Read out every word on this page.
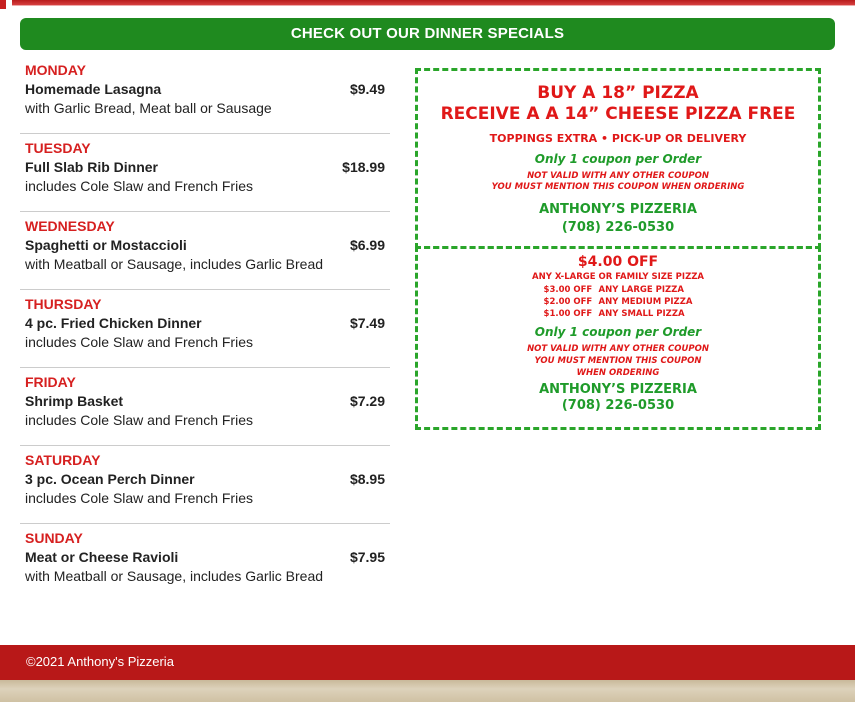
CHECK OUT OUR DINNER SPECIALS
MONDAY
Homemade Lasagna	$9.49
with Garlic Bread, Meat ball or Sausage
TUESDAY
Full Slab Rib Dinner	$18.99
includes Cole Slaw and French Fries
WEDNESDAY
Spaghetti or Mostaccioli	$6.99
with Meatball or Sausage, includes Garlic Bread
THURSDAY
4 pc. Fried Chicken Dinner	$7.49
includes Cole Slaw and French Fries
FRIDAY
Shrimp Basket	$7.29
includes Cole Slaw and French Fries
SATURDAY
3 pc. Ocean Perch Dinner	$8.95
includes Cole Slaw and French Fries
SUNDAY
Meat or Cheese Ravioli	$7.95
with Meatball or Sausage, includes Garlic Bread
BUY A 18” PIZZA
RECEIVE A A 14” CHEESE PIZZA FREE
TOPPINGS EXTRA • PICK-UP OR DELIVERY
Only 1 coupon per Order
NOT VALID WITH ANY OTHER COUPON
YOU MUST MENTION THIS COUPON WHEN ORDERING
ANTHONY’S PIZZERIA
(708) 226-0530
$4.00 OFF
ANY X-LARGE OR FAMILY SIZE PIZZA
$3.00 OFF ANY LARGE PIZZA
$2.00 OFF ANY MEDIUM PIZZA
$1.00 OFF ANY SMALL PIZZA
Only 1 coupon per Order
NOT VALID WITH ANY OTHER COUPON
YOU MUST MENTION THIS COUPON
WHEN ORDERING
ANTHONY’S PIZZERIA
(708) 226-0530
©2021 Anthony's Pizzeria
